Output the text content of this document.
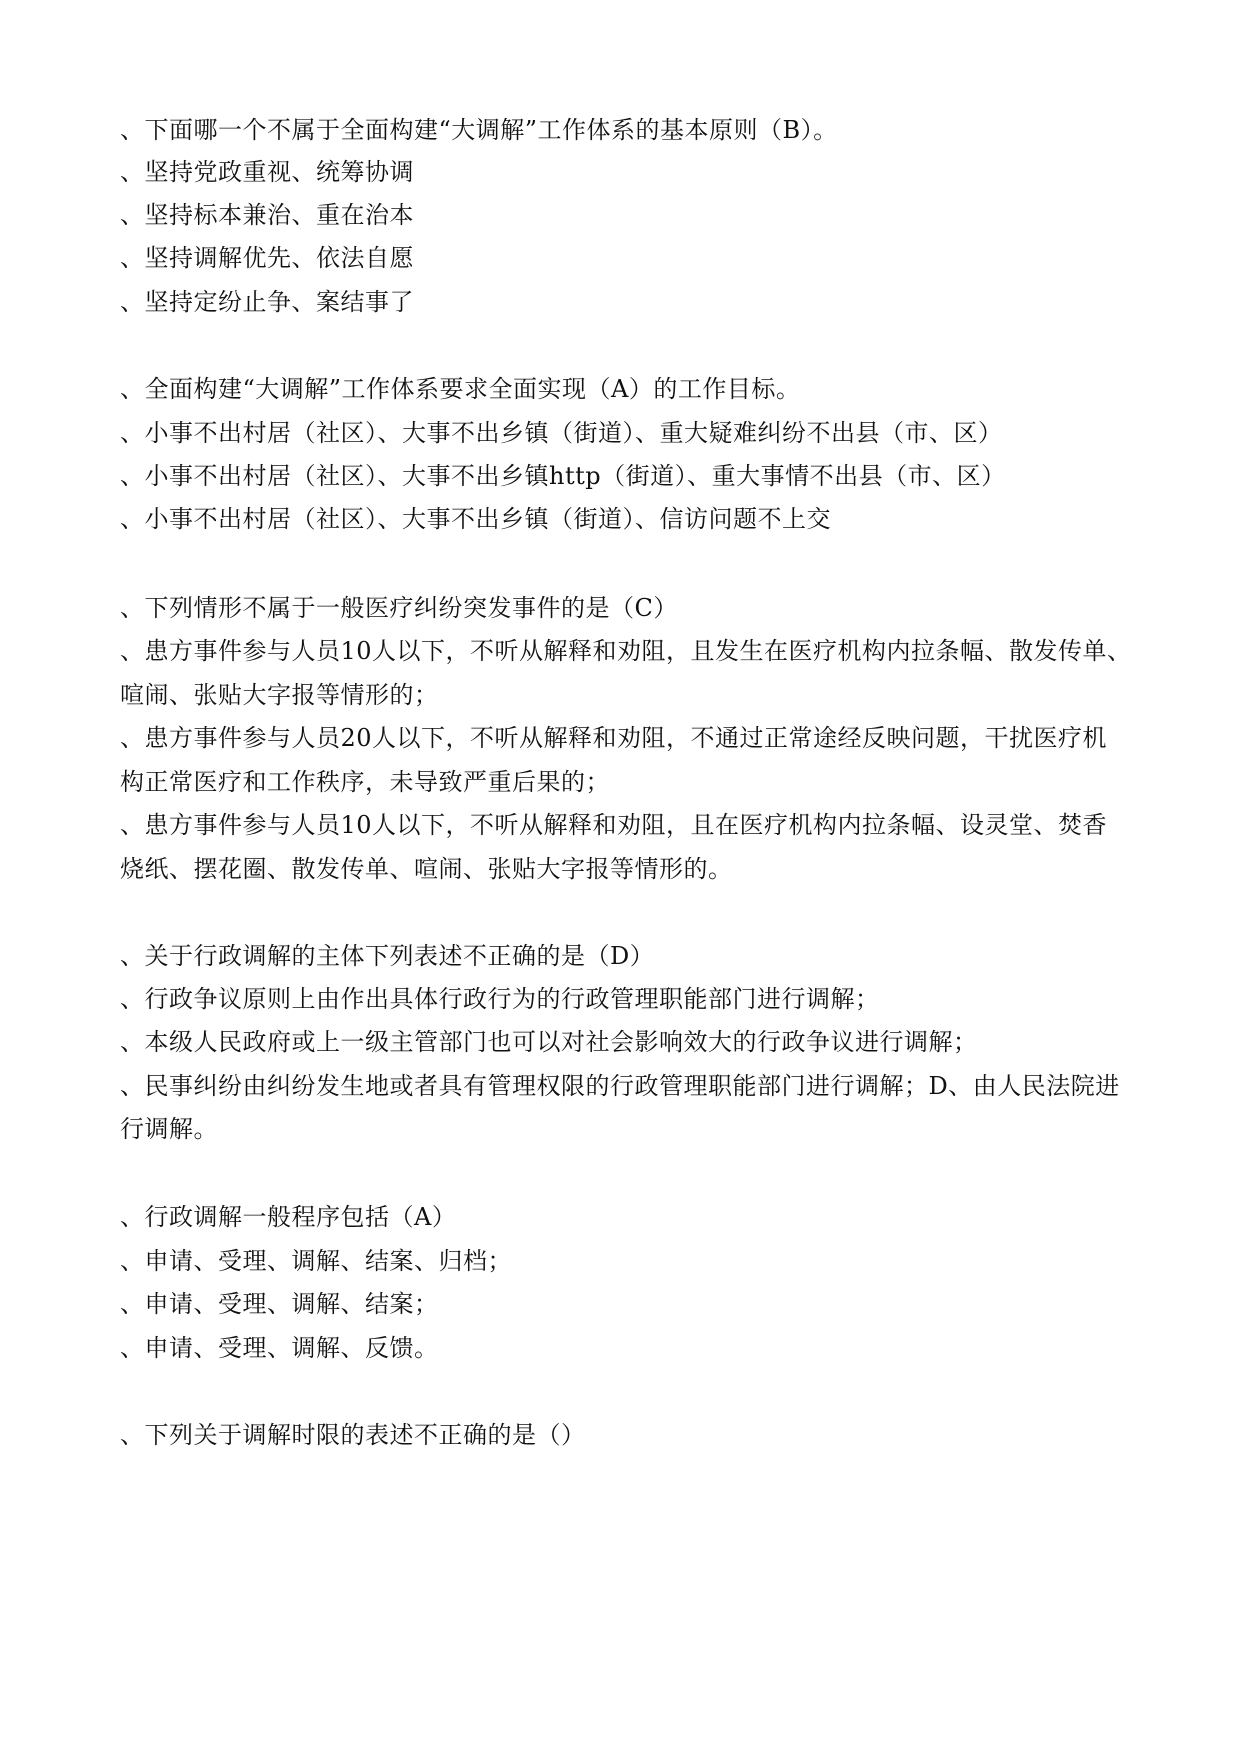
、下面哪一个不属于全面构建“大调解”工作体系的基本原则（B）。
、坚持党政重视、统筹协调
、坚持标本兼治、重在治本
、坚持调解优先、依法自愿
、坚持定纷止争、案结事了
、全面构建“大调解”工作体系要求全面实现（A）的工作目标。
、小事不出村居（社区）、大事不出乡镇（街道）、重大疑难纠纷不出县（市、区）
、小事不出村居（社区）、大事不出乡镇http（街道）、重大事情不出县（市、区）
、小事不出村居（社区）、大事不出乡镇（街道）、信访问题不上交
、下列情形不属于一般医疗纠纷突发事件的是（C）
、患方事件参与人员10人以下，不听从解释和劝阻，且发生在医疗机构内拉条幅、散发传单、
喧闹、张贴大字报等情形的；
、患方事件参与人员20人以下，不听从解释和劝阻，不通过正常途经反映问题，干扰医疗机
构正常医疗和工作秩序，未导致严重后果的；
、患方事件参与人员10人以下，不听从解释和劝阻，且在医疗机构内拉条幅、设灵堂、焚香
烧纸、摆花圈、散发传单、喧闹、张贴大字报等情形的。
、关于行政调解的主体下列表述不正确的是（D）
、行政争议原则上由作出具体行政行为的行政管理职能部门进行调解；
、本级人民政府或上一级主管部门也可以对社会影响效大的行政争议进行调解；
、民事纠纷由纠纷发生地或者具有管理权限的行政管理职能部门进行调解；D、由人民法院进
行调解。
、行政调解一般程序包括（A）
、申请、受理、调解、结案、归档；
、申请、受理、调解、结案；
、申请、受理、调解、反馈。
、下列关于调解时限的表述不正确的是（）
